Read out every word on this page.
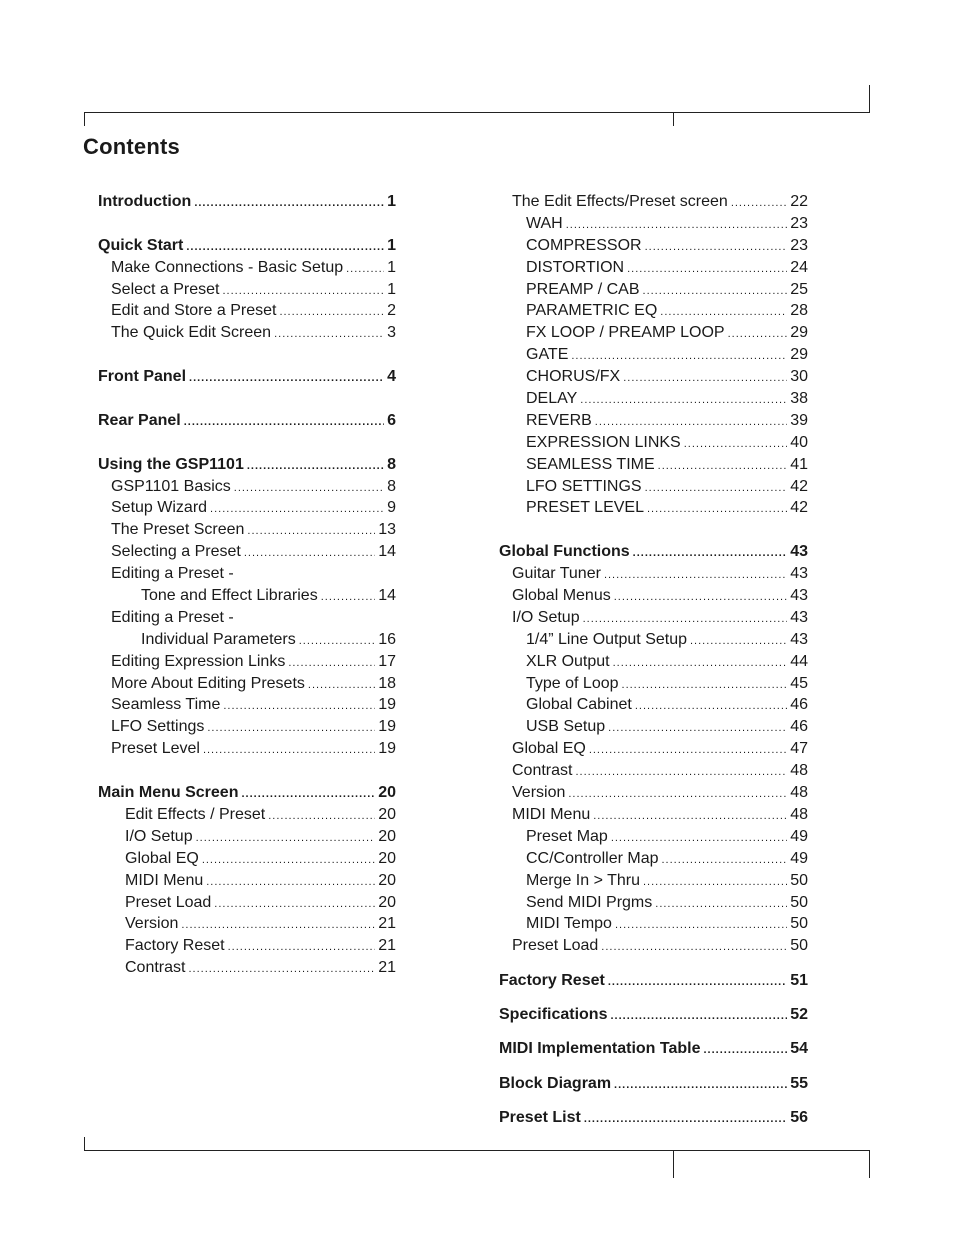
Contents
Introduction .....	1
Quick Start .....	1
Make Connections - Basic Setup .....	1
Select a Preset .....	1
Edit and Store a Preset .....	2
The Quick Edit Screen .....	3
Front Panel .....	4
Rear Panel .....	6
Using the GSP1101 .....	8
GSP1101 Basics .....	8
Setup Wizard .....	9
The Preset Screen .....	13
Selecting a Preset .....	14
Editing a Preset -
Tone and Effect Libraries .....	14
Editing a Preset -
Individual Parameters .....	16
Editing Expression Links .....	17
More About Editing Presets .....	18
Seamless Time .....	19
LFO Settings .....	19
Preset Level .....	19
Main Menu Screen .....	20
Edit Effects / Preset .....	20
I/O Setup .....	20
Global EQ .....	20
MIDI Menu .....	20
Preset Load .....	20
Version .....	21
Factory Reset .....	21
Contrast .....	21
The Edit Effects/Preset screen .....	22
WAH .....	23
COMPRESSOR .....	23
DISTORTION .....	24
PREAMP / CAB .....	25
PARAMETRIC EQ .....	28
FX LOOP / PREAMP LOOP .....	29
GATE .....	29
CHORUS/FX .....	30
DELAY .....	38
REVERB .....	39
EXPRESSION LINKS .....	40
SEAMLESS TIME .....	41
LFO SETTINGS .....	42
PRESET LEVEL .....	42
Global Functions .....	43
Guitar Tuner .....	43
Global Menus .....	43
I/O Setup .....	43
1/4” Line Output Setup .....	43
XLR Output .....	44
Type of Loop .....	45
Global Cabinet .....	46
USB Setup .....	46
Global EQ .....	47
Contrast .....	48
Version .....	48
MIDI Menu .....	48
Preset Map .....	49
CC/Controller Map .....	49
Merge In > Thru .....	50
Send MIDI Prgms .....	50
MIDI Tempo .....	50
Preset Load .....	50
Factory Reset .....	51
Specifications .....	52
MIDI Implementation Table .....	54
Block Diagram .....	55
Preset List .....	56
